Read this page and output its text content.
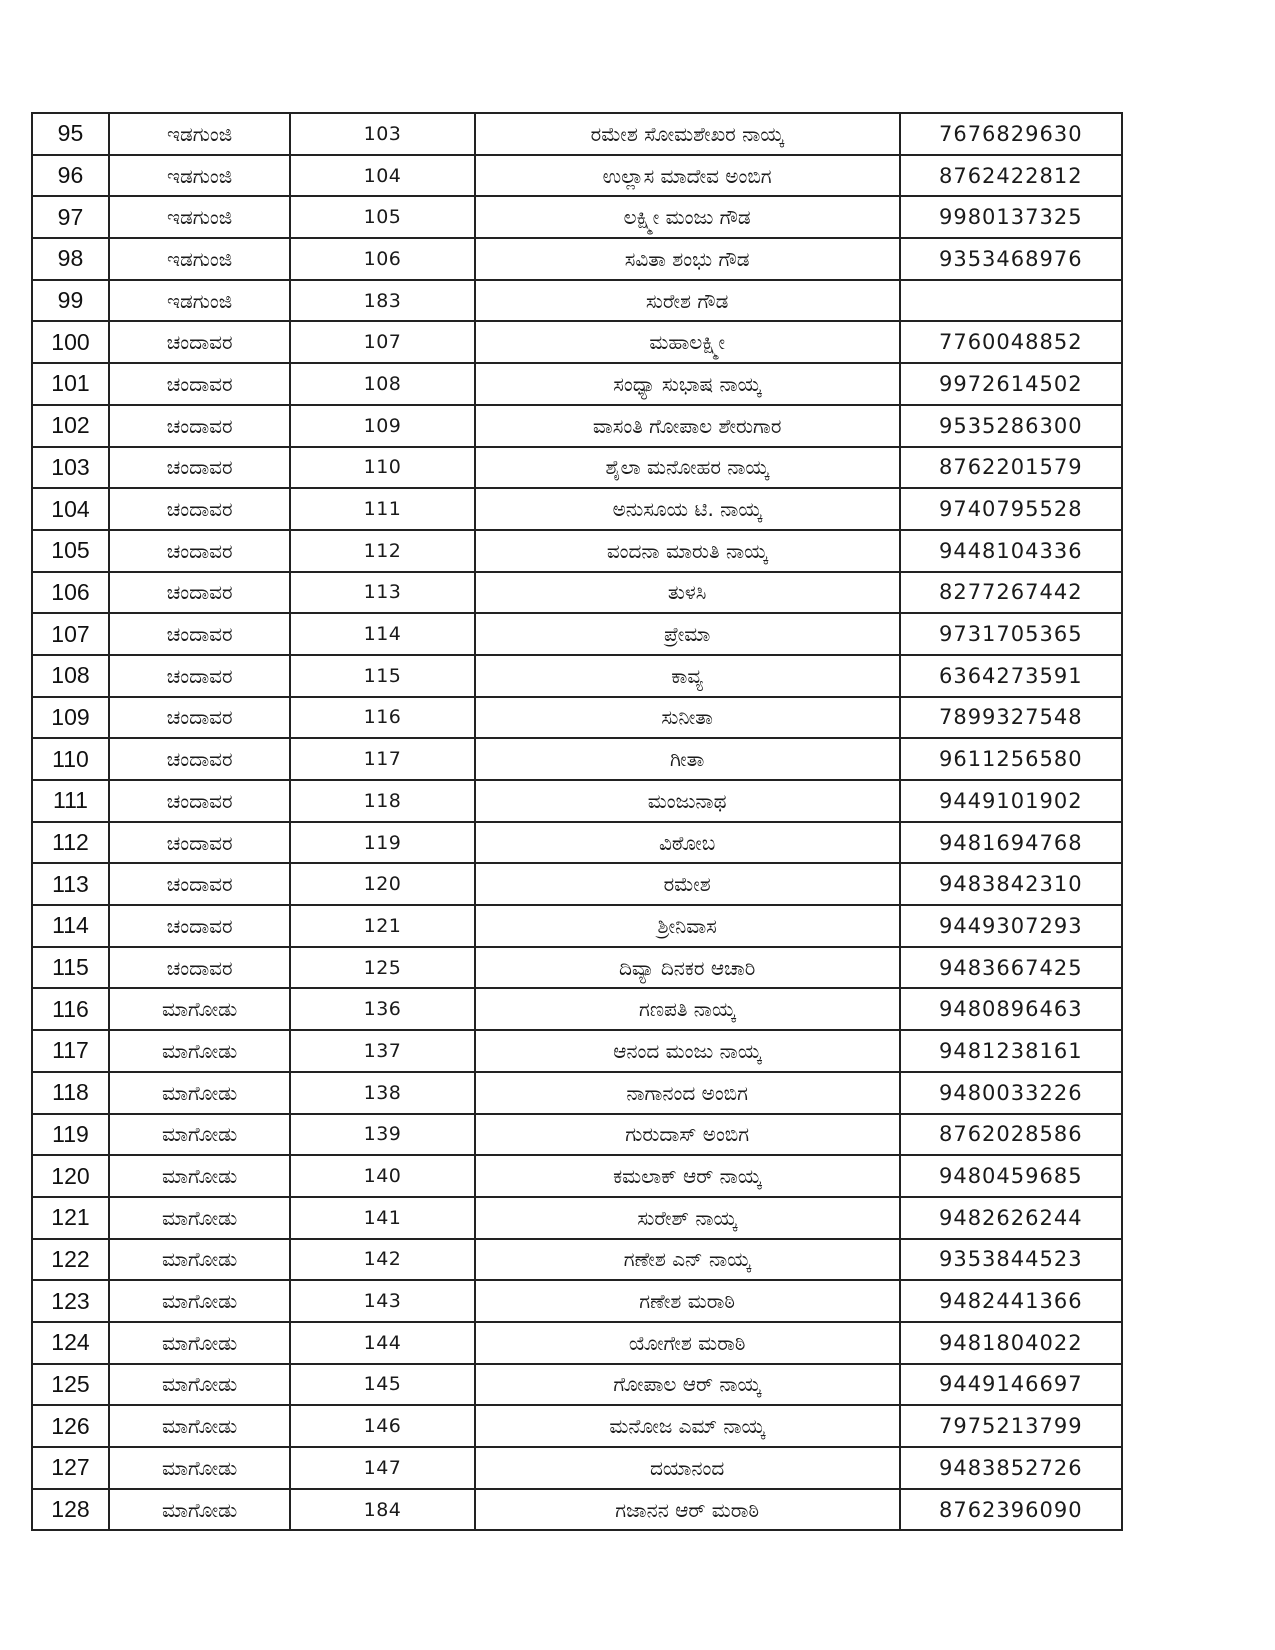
95	ಇಡಗುಂಜಿ	103	ರಮೇಶ ಸೋಮಶೇಖರ ನಾಯ್ಕ	7676829630
96	ಇಡಗುಂಜಿ	104	ಉಲ್ಲಾಸ ಮಾದೇವ ಅಂಬಿಗ	8762422812
97	ಇಡಗುಂಜಿ	105	ಲಕ್ಷ್ಮೀ ಮಂಜು ಗೌಡ	9980137325
98	ಇಡಗುಂಜಿ	106	ಸವಿತಾ ಶಂಭು ಗೌಡ	9353468976
99	ಇಡಗುಂಜಿ	183	ಸುರೇಶ ಗೌಡ	
100	ಚಂದಾವರ	107	ಮಹಾಲಕ್ಷ್ಮೀ	7760048852
101	ಚಂದಾವರ	108	ಸಂಧ್ಯಾ ಸುಭಾಷ ನಾಯ್ಕ	9972614502
102	ಚಂದಾವರ	109	ವಾಸಂತಿ ಗೋಪಾಲ ಶೇರುಗಾರ	9535286300
103	ಚಂದಾವರ	110	ಶೈಲಾ ಮನೋಹರ ನಾಯ್ಕ	8762201579
104	ಚಂದಾವರ	111	ಅನುಸೂಯ ಟಿ. ನಾಯ್ಕ	9740795528
105	ಚಂದಾವರ	112	ವಂದನಾ ಮಾರುತಿ ನಾಯ್ಕ	9448104336
106	ಚಂದಾವರ	113	ತುಳಸಿ	8277267442
107	ಚಂದಾವರ	114	ಪ್ರೇಮಾ	9731705365
108	ಚಂದಾವರ	115	ಕಾವ್ಯ	6364273591
109	ಚಂದಾವರ	116	ಸುನೀತಾ	7899327548
110	ಚಂದಾವರ	117	ಗೀತಾ	9611256580
111	ಚಂದಾವರ	118	ಮಂಜುನಾಥ	9449101902
112	ಚಂದಾವರ	119	ವಿಠೋಬ	9481694768
113	ಚಂದಾವರ	120	ರಮೇಶ	9483842310
114	ಚಂದಾವರ	121	ಶ್ರೀನಿವಾಸ	9449307293
115	ಚಂದಾವರ	125	ದಿವ್ಯಾ ದಿನಕರ ಆಚಾರಿ	9483667425
116	ಮಾಗೋಡು	136	ಗಣಪತಿ ನಾಯ್ಕ	9480896463
117	ಮಾಗೋಡು	137	ಆನಂದ ಮಂಜು ನಾಯ್ಕ	9481238161
118	ಮಾಗೋಡು	138	ನಾಗಾನಂದ ಅಂಬಿಗ	9480033226
119	ಮಾಗೋಡು	139	ಗುರುದಾಸ್ ಅಂಬಿಗ	8762028586
120	ಮಾಗೋಡು	140	ಕಮಲಾಕ್ ಆರ್ ನಾಯ್ಕ	9480459685
121	ಮಾಗೋಡು	141	ಸುರೇಶ್ ನಾಯ್ಕ	9482626244
122	ಮಾಗೋಡು	142	ಗಣೇಶ ಎನ್ ನಾಯ್ಕ	9353844523
123	ಮಾಗೋಡು	143	ಗಣೇಶ ಮರಾಠಿ	9482441366
124	ಮಾಗೋಡು	144	ಯೋಗೇಶ ಮರಾಠಿ	9481804022
125	ಮಾಗೋಡು	145	ಗೋಪಾಲ ಆರ್ ನಾಯ್ಕ	9449146697
126	ಮಾಗೋಡು	146	ಮನೋಜ ಎಮ್ ನಾಯ್ಕ	7975213799
127	ಮಾಗೋಡು	147	ದಯಾನಂದ	9483852726
128	ಮಾಗೋಡು	184	ಗಜಾನನ ಆರ್ ಮರಾಠಿ	8762396090
